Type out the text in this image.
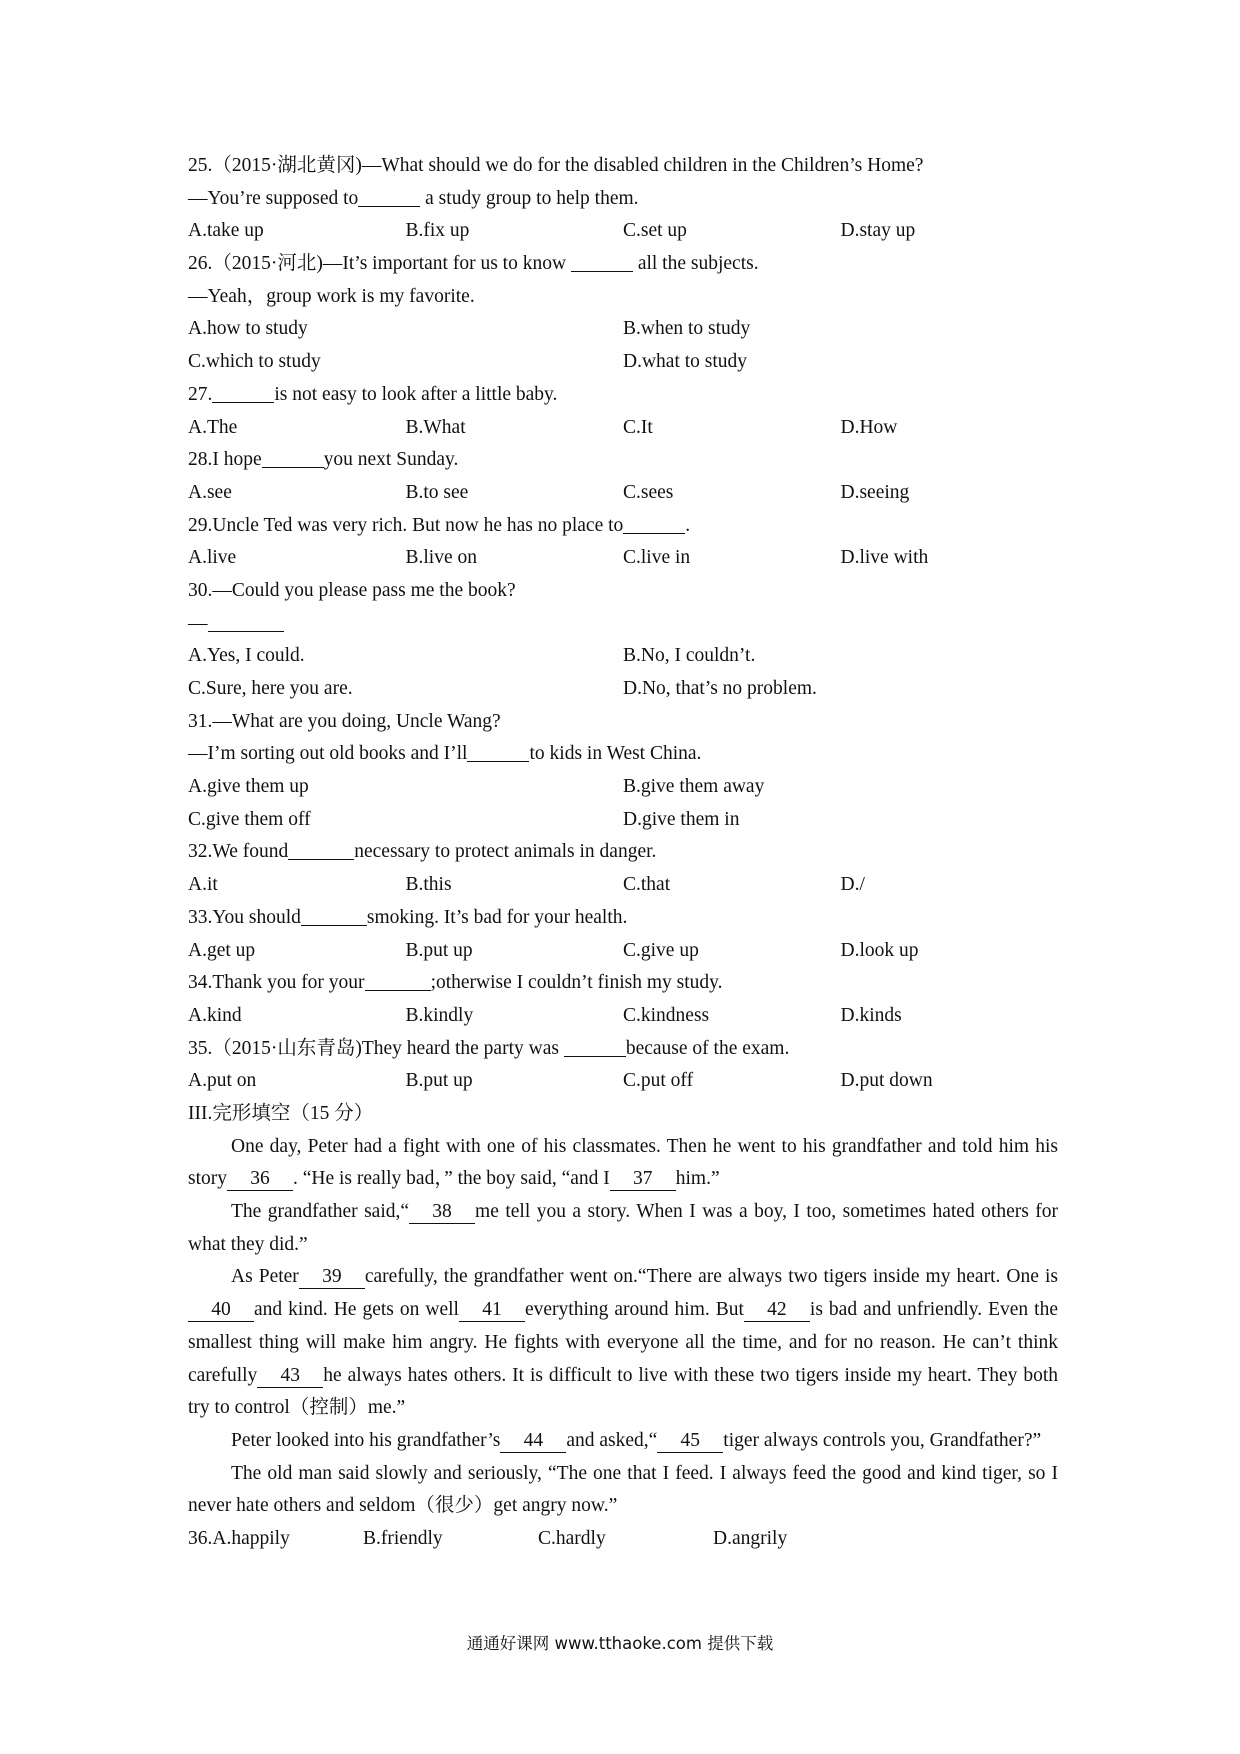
25.（2015·湖北黄冈)—What should we do for the disabled children in the Children’s Home?
—You’re supposed to	a study group to help them.
A.take up	B.fix up	C.set up	D.stay up
26.（2015·河北)—It’s important for us to know	all the subjects.
—Yeah，group work is my favorite.
A.how to study	B.when to study
C.which to study	D.what to study
27.	is not easy to look after a little baby.
A.The	B.What	C.It	D.How
28.I hope	you next Sunday.
A.see	B.to see	C.sees	D.seeing
29.Uncle Ted was very rich. But now he has no place to	.
A.live	B.live on	C.live in	D.live with
30.—Could you please pass me the book?
—
A.Yes, I could.	B.No, I couldn’t.
C.Sure, here you are.	D.No, that’s no problem.
31.—What are you doing, Uncle Wang?
—I’m sorting out old books and I’ll	to kids in West China.
A.give them up	B.give them away
C.give them off	D.give them in
32.We found	necessary to protect animals in danger.
A.it	B.this	C.that	D./
33.You should	smoking. It’s bad for your health.
A.get up	B.put up	C.give up	D.look up
34.Thank you for your	;otherwise I couldn’t finish my study.
A.kind	B.kindly	C.kindness	D.kinds
35.（2015·山东青岛)They heard the party was	because of the exam.
A.put on	B.put up	C.put off	D.put down
III.完形填空（15 分）
One day, Peter had a fight with one of his classmates. Then he went to his grandfather and told him his story 36 . “He is really bad，” the boy said, “and I 37 him.”
The grandfather said,“ 38 me tell you a story. When I was a boy, I too, sometimes hated others for what they did.”
As Peter 39 carefully, the grandfather went on.“There are always two tigers inside my heart. One is40 and kind. He gets on well 41 everything around him. But 42 is bad and unfriendly. Even the smallest thing will make him angry. He fights with everyone all the time, and for no reason. He can’t think carefully 43 he always hates others. It is difficult to live with these two tigers inside my heart. They both try to control（控制）me.”
Peter looked into his grandfather’s 44 and asked,“ 45 tiger always controls you, Grandfather?”
The old man said slowly and seriously, “The one that I feed. I always feed the good and kind tiger, so I never hate others and seldom（很少）get angry now.”
36.A.happily	B.friendly	C.hardly	D.angrily
通通好课网 www.tthaoke.com 提供下载
